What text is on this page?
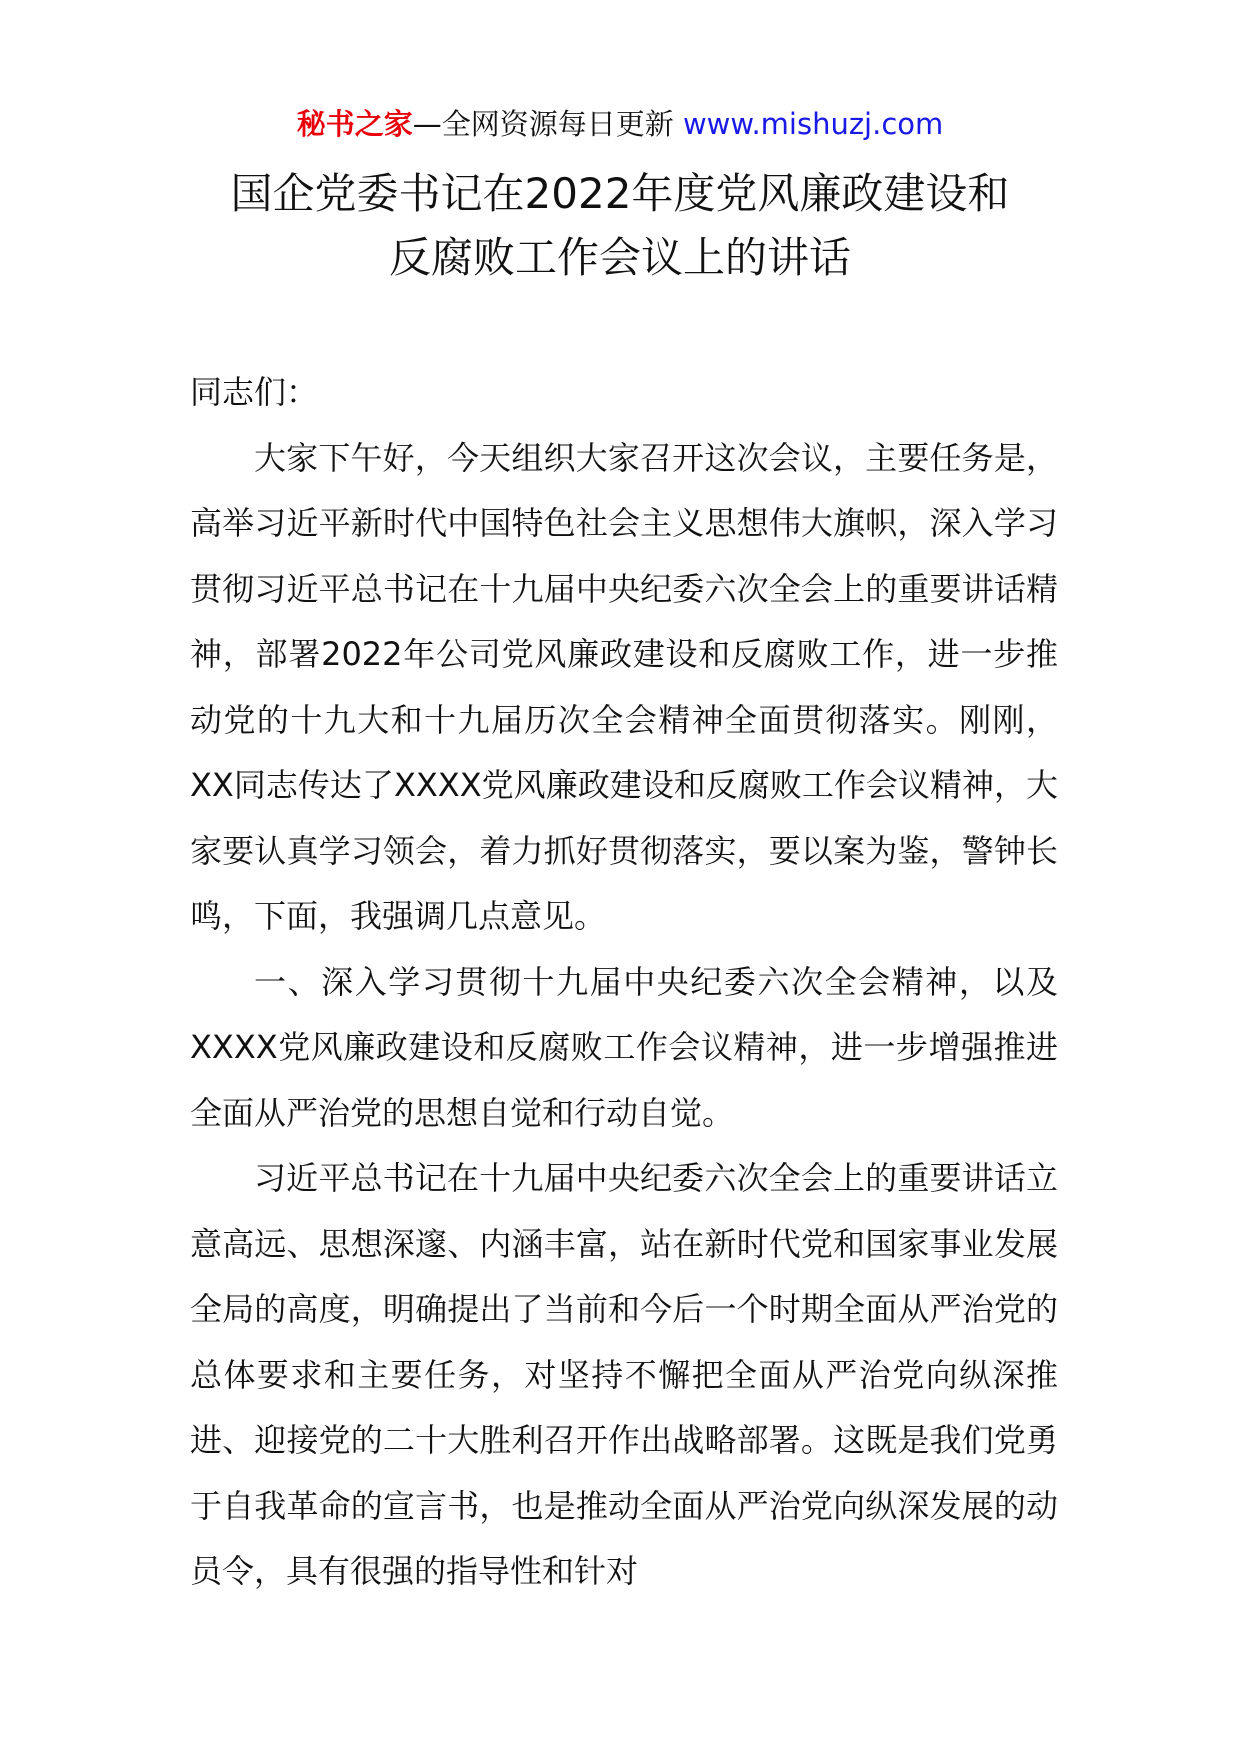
秘书之家—全网资源每日更新 www.mishuzj.com
国企党委书记在2022年度党风廉政建设和
反腐败工作会议上的讲话

同志们：

大家下午好，今天组织大家召开这次会议，主要任务是，高举习近平新时代中国特色社会主义思想伟大旗帜，深入学习贯彻习近平总书记在十九届中央纪委六次全会上的重要讲话精神，部署2022年公司党风廉政建设和反腐败工作，进一步推动党的十九大和十九届历次全会精神全面贯彻落实。刚刚，XX同志传达了XXXX党风廉政建设和反腐败工作会议精神，大家要认真学习领会，着力抓好贯彻落实，要以案为鉴，警钟长鸣，下面，我强调几点意见。

一、深入学习贯彻十九届中央纪委六次全会精神，以及XXXX党风廉政建设和反腐败工作会议精神，进一步增强推进全面从严治党的思想自觉和行动自觉。

习近平总书记在十九届中央纪委六次全会上的重要讲话立意高远、思想深邃、内涵丰富，站在新时代党和国家事业发展全局的高度，明确提出了当前和今后一个时期全面从严治党的总体要求和主要任务，对坚持不懈把全面从严治党向纵深推进、迎接党的二十大胜利召开作出战略部署。这既是我们党勇于自我革命的宣言书，也是推动全面从严治党向纵深发展的动员令，具有很强的指导性和针对
